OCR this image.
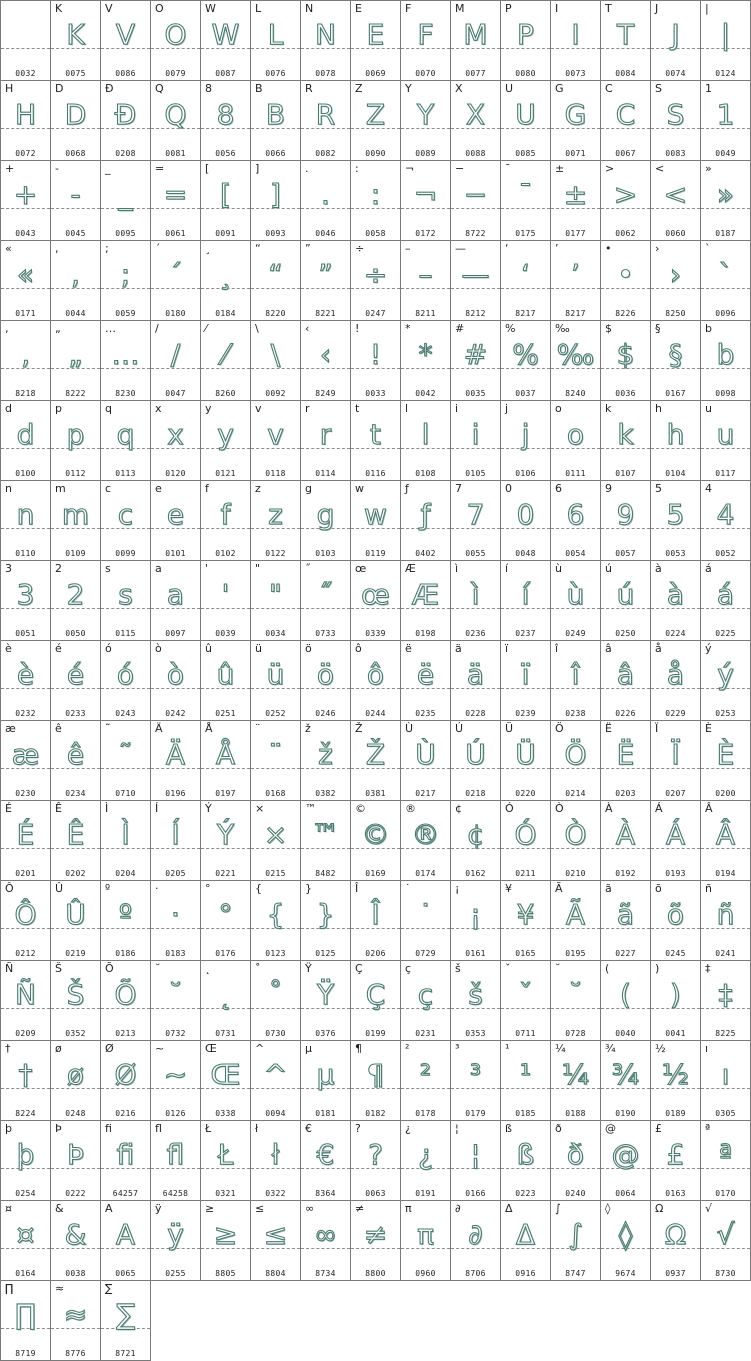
0032
K
K
0075
V
V
0086
O
O
0079
W
W
0087
L
L
0076
N
N
0078
E
E
0069
F
F
0070
M
M
0077
P
P
0080
I
I
0073
T
T
0084
J
J
0074
|
|
0124
H
H
0072
D
D
0068
Đ
Đ
0208
Q
Q
0081
8
8
0056
B
B
0066
R
R
0082
Z
Z
0090
Y
Y
0089
X
X
0088
U
U
0085
G
G
0071
C
C
0067
S
S
0083
1
1
0049
+
+
0043
-
-
0045
_
_
0095
=
=
0061
[
[
0091
]
]
0093
.
.
0046
:
:
0058
¬
¬
0172
−
−
8722
¯
¯
0175
±
±
0177
>
>
0062
<
<
0060
»
»
0187
«
«
0171
,
,
0044
;
;
0059
´
´
0180
¸
¸
0184
“
“
8220
”
”
8221
÷
÷
0247
–
–
8211
—
—
8212
‘
‘
8217
’
’
8217
•
•
8226
›
›
8250
`
`
0096
‚
‚
8218
„
„
8222
…
…
8230
/
/
0047
⁄
⁄
8260
\
\
0092
‹
‹
8249
!
!
0033
*
*
0042
#
#
0035
%
%
0037
‰
‰
8240
$
$
0036
§
§
0167
b
b
0098
d
d
0100
p
p
0112
q
q
0113
x
x
0120
y
y
0121
v
v
0118
r
r
0114
t
t
0116
l
l
0108
i
i
0105
j
j
0106
o
o
0111
k
k
0107
h
h
0104
u
u
0117
n
n
0110
m
m
0109
c
c
0099
e
e
0101
f
f
0102
z
z
0122
g
g
0103
w
w
0119
ƒ
ƒ
0402
7
7
0055
0
0
0048
6
6
0054
9
9
0057
5
5
0053
4
4
0052
3
3
0051
2
2
0050
s
s
0115
a
a
0097
'
'
0039
"
"
0034
˝
˝
0733
œ
œ
0339
Æ
Æ
0198
ì
ì
0236
í
í
0237
ù
ù
0249
ú
ú
0250
à
à
0224
á
á
0225
è
è
0232
é
é
0233
ó
ó
0243
ò
ò
0242
û
û
0251
ü
ü
0252
ö
ö
0246
ô
ô
0244
ë
ë
0235
ä
ä
0228
ï
ï
0239
î
î
0238
â
â
0226
å
å
0229
ý
ý
0253
æ
æ
0230
ê
ê
0234
˜
˜
0710
Ä
Ä
0196
Å
Å
0197
¨
¨
0168
ž
ž
0382
Ž
Ž
0381
Ù
Ù
0217
Ú
Ú
0218
Ü
Ü
0220
Ö
Ö
0214
Ë
Ë
0203
Ï
Ï
0207
È
È
0200
É
É
0201
Ê
Ê
0202
Ì
Ì
0204
Í
Í
0205
Ý
Ý
0221
×
×
0215
™
™
8482
©
©
0169
®
®
0174
¢
¢
0162
Ó
Ó
0211
Ò
Ò
0210
À
À
0192
Á
Á
0193
Â
Â
0194
Ô
Ô
0212
Û
Û
0219
º
º
0186
·
·
0183
°
°
0176
{
{
0123
}
}
0125
Î
Î
0206
˙
˙
0729
¡
¡
0161
¥
¥
0165
Ã
Ã
0195
ã
ã
0227
õ
õ
0245
ñ
ñ
0241
Ñ
Ñ
0209
Š
Š
0352
Õ
Õ
0213
˘
˘
0732
˛
˛
0731
˚
˚
0730
Ÿ
Ÿ
0376
Ç
Ç
0199
ç
ç
0231
š
š
0353
ˇ
ˇ
0711
˘
˘
0728
(
(
0040
)
)
0041
‡
‡
8225
†
†
8224
ø
ø
0248
Ø
Ø
0216
~
~
0126
Œ
Œ
0338
^
^
0094
µ
µ
0181
¶
¶
0182
²
²
0178
³
³
0179
¹
¹
0185
¼
¼
0188
¾
¾
0190
½
½
0189
ı
ı
0305
þ
þ
0254
Þ
Þ
0222
ﬁ
ﬁ
64257
ﬂ
ﬂ
64258
Ł
Ł
0321
ł
ł
0322
€
€
8364
?
?
0063
¿
¿
0191
¦
¦
0166
ß
ß
0223
ð
ð
0240
@
@
0064
£
£
0163
ª
ª
0170
¤
¤
0164
&
&
0038
A
A
0065
ÿ
ÿ
0255
≥
≥
8805
≤
≤
8804
∞
∞
8734
≠
≠
8800
π
π
0960
∂
∂
8706
Δ
Δ
0916
∫
∫
8747
◊
◊
9674
Ω
Ω
0937
√
√
8730
∏
∏
8719
≈
≈
8776
∑
∑
8721
